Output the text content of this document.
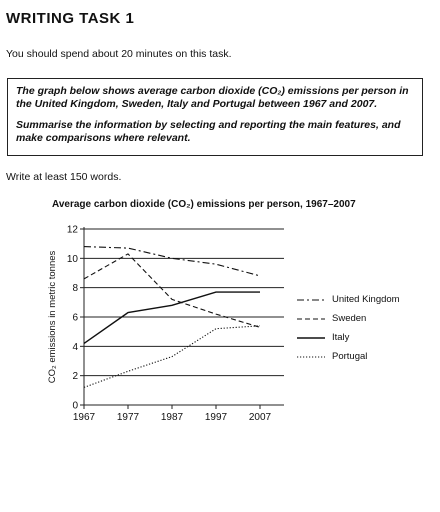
WRITING TASK 1
You should spend about 20 minutes on this task.

The graph below shows average carbon dioxide (CO₂) emissions per person in the United Kingdom, Sweden, Italy and Portugal between 1967 and 2007.

Summarise the information by selecting and reporting the main features, and make comparisons where relevant.

Write at least 150 words.
Average carbon dioxide (CO₂) emissions per person, 1967–2007
0
2
4
6
8
10
12
1967 1977 1987 1997 2007
CO₂ emissions in metric tonnes	United Kingdom
Sweden
Italy
Portugal
